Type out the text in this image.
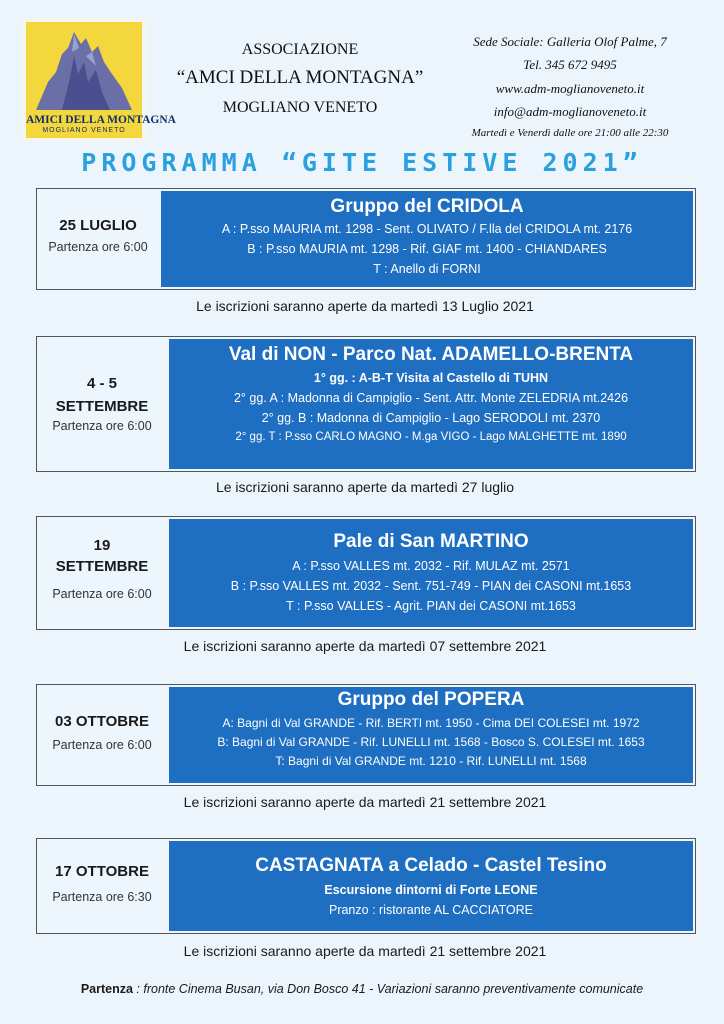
AMICI DELLA MONTAGNA
MOGLIANO VENETO
ASSOCIAZIONE
“AMCI DELLA MONTAGNA”
MOGLIANO VENETO
Sede Sociale: Galleria Olof Palme, 7
Tel. 345 672 9495
www.adm-moglianoveneto.it
info@adm-moglianoveneto.it
Martedì e Venerdì dalle ore 21:00 alle 22:30
PROGRAMMA “GITE ESTIVE 2021”
25 LUGLIO
Partenza ore 6:00
Gruppo del CRIDOLA
A : P.sso MAURIA mt. 1298 - Sent. OLIVATO / F.lla del CRIDOLA mt. 2176
B : P.sso MAURIA mt. 1298 - Rif. GIAF mt. 1400 - CHIANDARES
T : Anello di FORNI
Le iscrizioni saranno aperte da martedì 13 Luglio 2021
4 - 5
SETTEMBRE
Partenza ore 6:00
Val di NON - Parco Nat. ADAMELLO-BRENTA
1° gg. : A-B-T Visita al Castello di TUHN
2° gg. A : Madonna di Campiglio - Sent. Attr. Monte ZELEDRIA mt.2426
2° gg. B : Madonna di Campiglio - Lago SERODOLI mt. 2370
2° gg. T : P.sso CARLO MAGNO - M.ga VIGO - Lago MALGHETTE mt. 1890
Le iscrizioni saranno aperte da martedì 27 luglio
19
SETTEMBRE
Partenza ore 6:00
Pale di San MARTINO
A : P.sso VALLES mt. 2032 - Rif. MULAZ mt. 2571
B : P.sso VALLES mt. 2032 - Sent. 751-749 - PIAN dei CASONI mt.1653
T : P.sso VALLES - Agrit. PIAN dei CASONI mt.1653
Le iscrizioni saranno aperte da martedì 07 settembre 2021
03 OTTOBRE
Partenza ore 6:00
Gruppo del POPERA
A: Bagni di Val GRANDE - Rif. BERTI mt. 1950 - Cima DEI COLESEI mt. 1972
B: Bagni di Val GRANDE - Rif. LUNELLI mt. 1568 - Bosco S. COLESEI mt. 1653
T: Bagni di Val GRANDE mt. 1210 - Rif. LUNELLI mt. 1568
Le iscrizioni saranno aperte da martedì 21 settembre 2021
17 OTTOBRE
Partenza ore 6:30
CASTAGNATA a Celado - Castel Tesino
Escursione dintorni di Forte LEONE
Pranzo : ristorante AL CACCIATORE
Le iscrizioni saranno aperte da martedì 21 settembre 2021
Partenza : fronte Cinema Busan, via Don Bosco 41 - Variazioni saranno preventivamente comunicate
